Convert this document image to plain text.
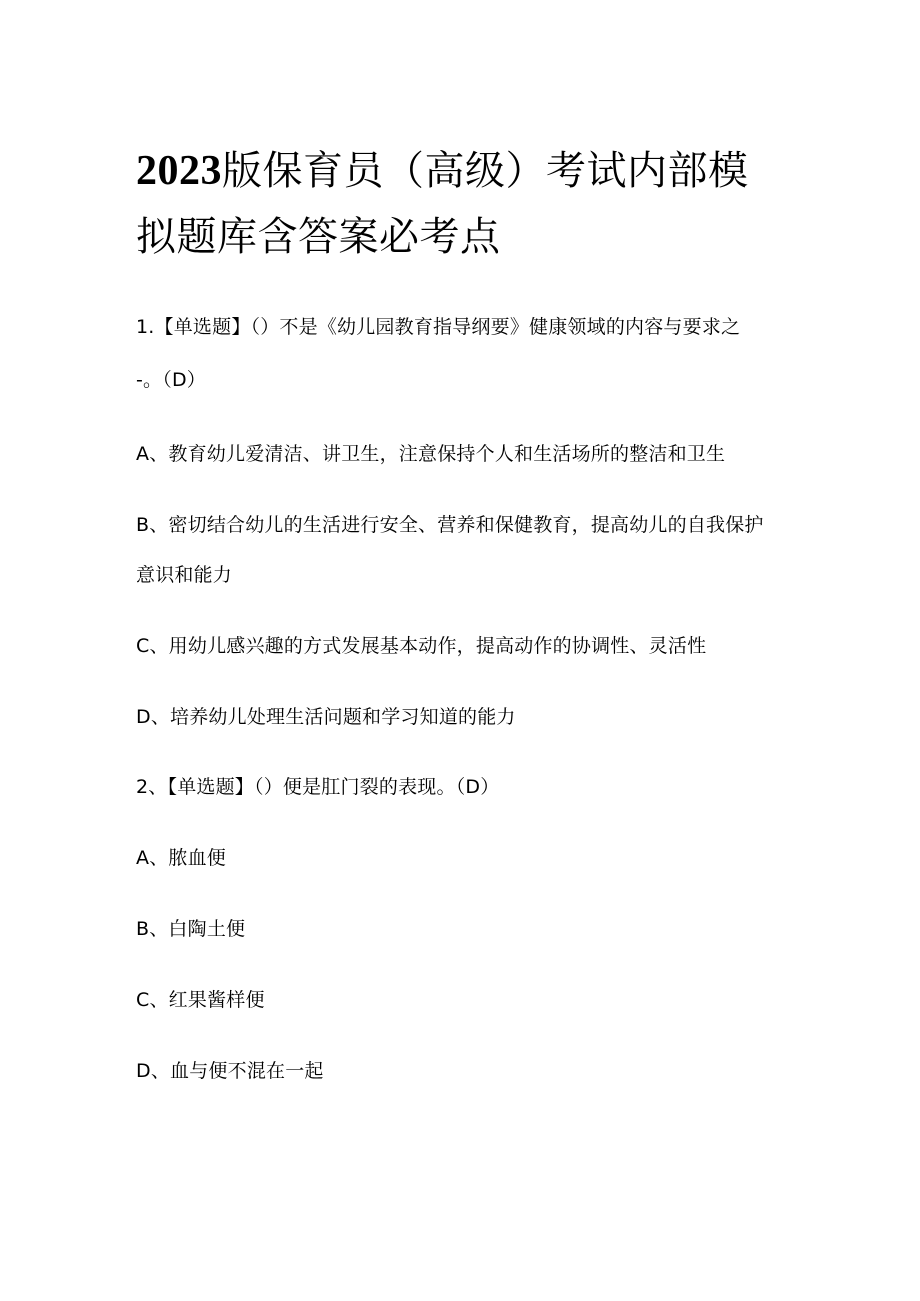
2023版保育员（高级）考试内部模
拟题库含答案必考点

1.【单选题】（）不是《幼儿园教育指导纲要》健康领域的内容与要求之

-。（D）

A、教育幼儿爱清洁、讲卫生，注意保持个人和生活场所的整洁和卫生

B、密切结合幼儿的生活进行安全、营养和保健教育，提高幼儿的自我保护

意识和能力

C、用幼儿感兴趣的方式发展基本动作，提高动作的协调性、灵活性

D、培养幼儿处理生活问题和学习知道的能力

2、【单选题】（）便是肛门裂的表现。（D）

A、脓血便

B、白陶土便

C、红果酱样便

D、血与便不混在一起
